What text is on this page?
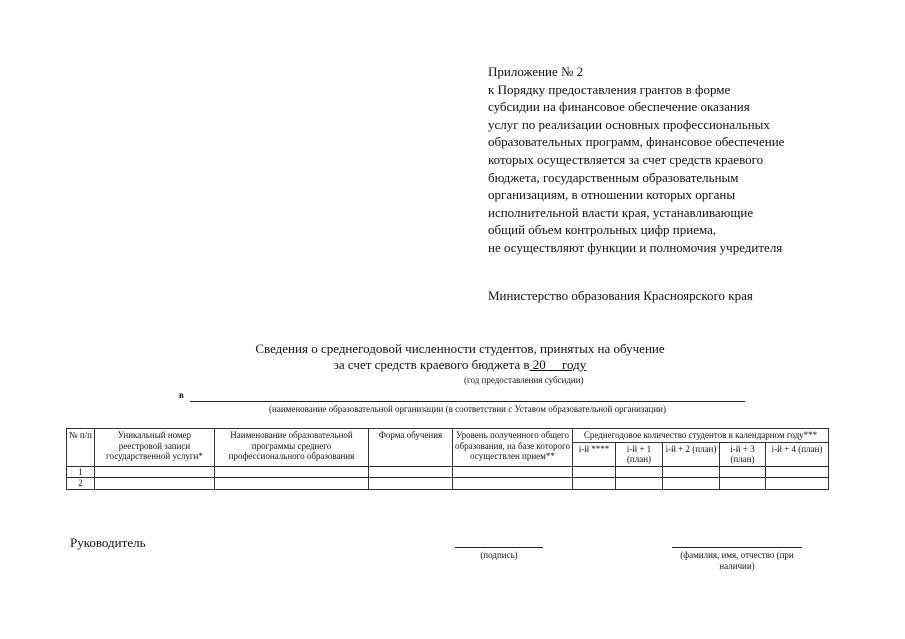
Приложение № 2
к Порядку предоставления грантов в форме
субсидии на финансовое обеспечение оказания
услуг по реализации основных профессиональных
образовательных программ, финансовое обеспечение
которых осуществляется за счет средств краевого
бюджета, государственным образовательным
организациям, в отношении которых органы
исполнительной власти края, устанавливающие
общий объем контрольных цифр приема,
не осуществляют функции и полномочия учредителя
Министерство образования Красноярского края
Сведения о среднегодовой численности студентов, принятых на обучение
за счет средств краевого бюджета в 20     году
(год предоставления субсидии)
в
(наименование образовательной организации (в соответствии с Уставом образовательной организации)
№ п/п	Уникальный номер реестровой записи государственной услуги*	Наименование образовательной программы среднего профессионального образования	Форма обучения	Уровень полученного общего образования, на базе которого осуществлен прием**	Среднегодовое количество студентов в календарном году***				
					i-й ****	i-й + 1 (план)	i-й + 2 (план)	i-й + 3 (план)	i-й + 4 (план)
1									
2									
Руководитель
(подпись)	(фамилия, имя, отчество (при наличии)
